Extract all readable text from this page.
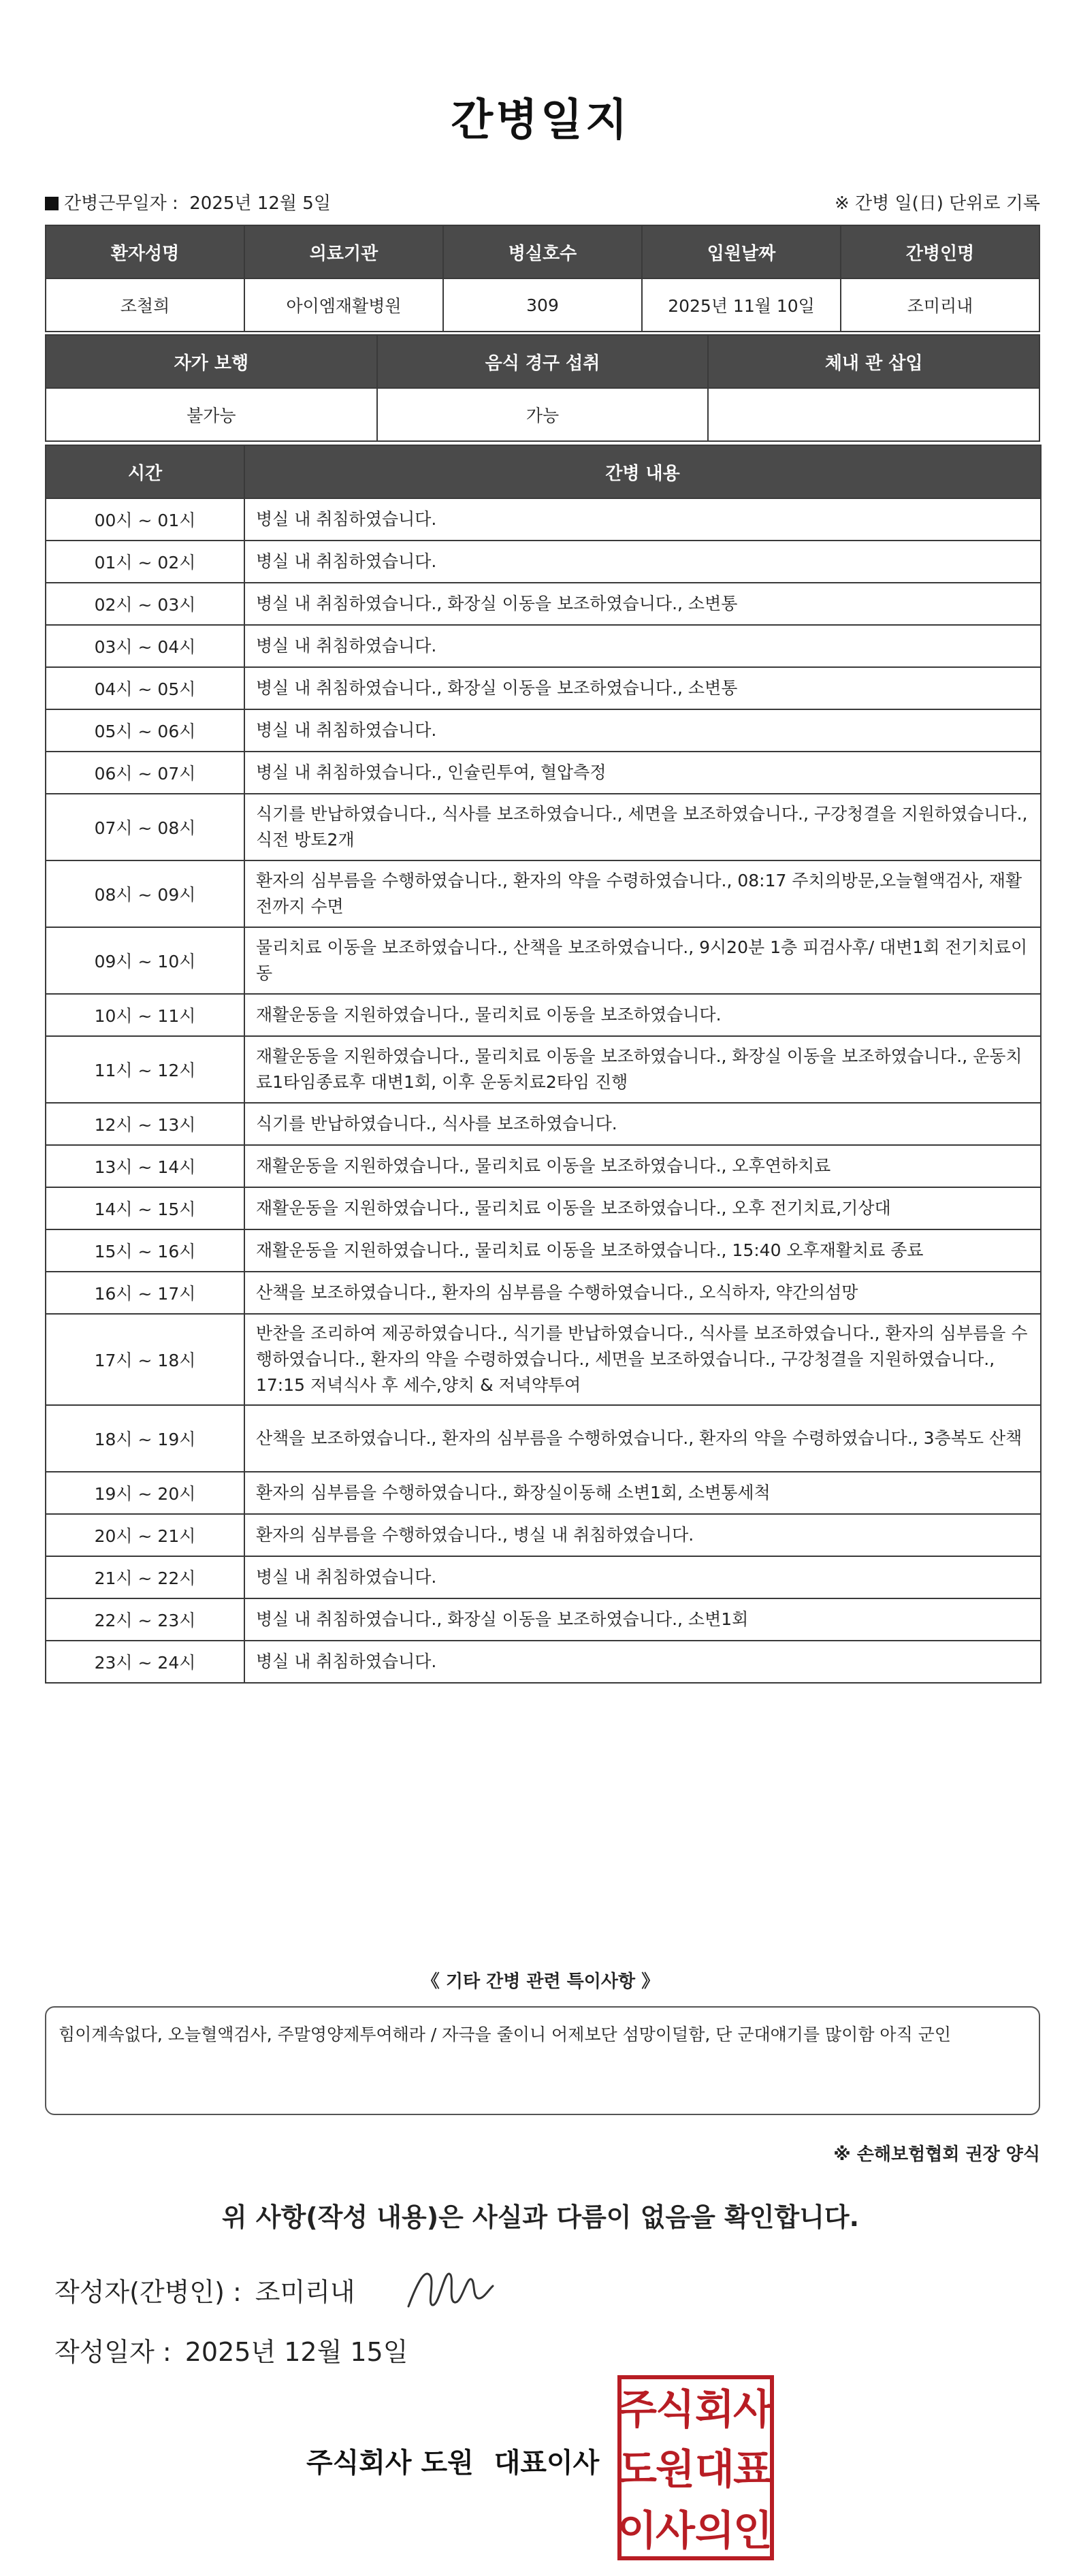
간병일지
간병근무일자 : 2025년 12월 5일	※ 간병 일(日) 단위로 기록
환자성명	의료기관	병실호수	입원날짜	간병인명
조철희	아이엠재활병원	309	2025년 11월 10일	조미리내
자가 보행	음식 경구 섭취	체내 관 삽입
불가능	가능	
시간	간병 내용
00시 ~ 01시	병실 내 취침하였습니다.
01시 ~ 02시	병실 내 취침하였습니다.
02시 ~ 03시	병실 내 취침하였습니다., 화장실 이동을 보조하였습니다., 소변통
03시 ~ 04시	병실 내 취침하였습니다.
04시 ~ 05시	병실 내 취침하였습니다., 화장실 이동을 보조하였습니다., 소변통
05시 ~ 06시	병실 내 취침하였습니다.
06시 ~ 07시	병실 내 취침하였습니다., 인슐린투여, 혈압측정
07시 ~ 08시	식기를 반납하였습니다., 식사를 보조하였습니다., 세면을 보조하였습니다., 구강청결을 지원하였습니다., 식전 방토2개
08시 ~ 09시	환자의 심부름을 수행하였습니다., 환자의 약을 수령하였습니다., 08:17 주치의방문,오늘혈액검사, 재활전까지 수면
09시 ~ 10시	물리치료 이동을 보조하였습니다., 산책을 보조하였습니다., 9시20분 1층 피검사후/ 대변1회 전기치료이동
10시 ~ 11시	재활운동을 지원하였습니다., 물리치료 이동을 보조하였습니다.
11시 ~ 12시	재활운동을 지원하였습니다., 물리치료 이동을 보조하였습니다., 화장실 이동을 보조하였습니다., 운동치료1타임종료후 대변1회, 이후 운동치료2타임 진행
12시 ~ 13시	식기를 반납하였습니다., 식사를 보조하였습니다.
13시 ~ 14시	재활운동을 지원하였습니다., 물리치료 이동을 보조하였습니다., 오후연하치료
14시 ~ 15시	재활운동을 지원하였습니다., 물리치료 이동을 보조하였습니다., 오후 전기치료,기상대
15시 ~ 16시	재활운동을 지원하였습니다., 물리치료 이동을 보조하였습니다., 15:40 오후재활치료 종료
16시 ~ 17시	산책을 보조하였습니다., 환자의 심부름을 수행하였습니다., 오식하자, 약간의섬망
17시 ~ 18시	반찬을 조리하여 제공하였습니다., 식기를 반납하였습니다., 식사를 보조하였습니다., 환자의 심부름을 수행하였습니다., 환자의 약을 수령하였습니다., 세면을 보조하였습니다., 구강청결을 지원하였습니다., 17:15 저녁식사 후 세수,양치 & 저녁약투여
18시 ~ 19시	산책을 보조하였습니다., 환자의 심부름을 수행하였습니다., 환자의 약을 수령하였습니다., 3층복도 산책
19시 ~ 20시	환자의 심부름을 수행하였습니다., 화장실이동해 소변1회, 소변통세척
20시 ~ 21시	환자의 심부름을 수행하였습니다., 병실 내 취침하였습니다.
21시 ~ 22시	병실 내 취침하였습니다.
22시 ~ 23시	병실 내 취침하였습니다., 화장실 이동을 보조하였습니다., 소변1회
23시 ~ 24시	병실 내 취침하였습니다.
《 기타 간병 관련 특이사항 》
힘이계속없다, 오늘혈액검사, 주말영양제투여해라 / 자극을 줄이니 어제보단 섬망이덜함, 단 군대얘기를 많이함 아직 군인
※ 손해보험협회 권장 양식
위 사항(작성 내용)은 사실과 다름이 없음을 확인합니다.
작성자(간병인) : 조미리내
작성일자 : 2025년 12월 15일
주식회사 도원 대표이사
주
식 회
사
도
원 대
표
이
사 의
인
